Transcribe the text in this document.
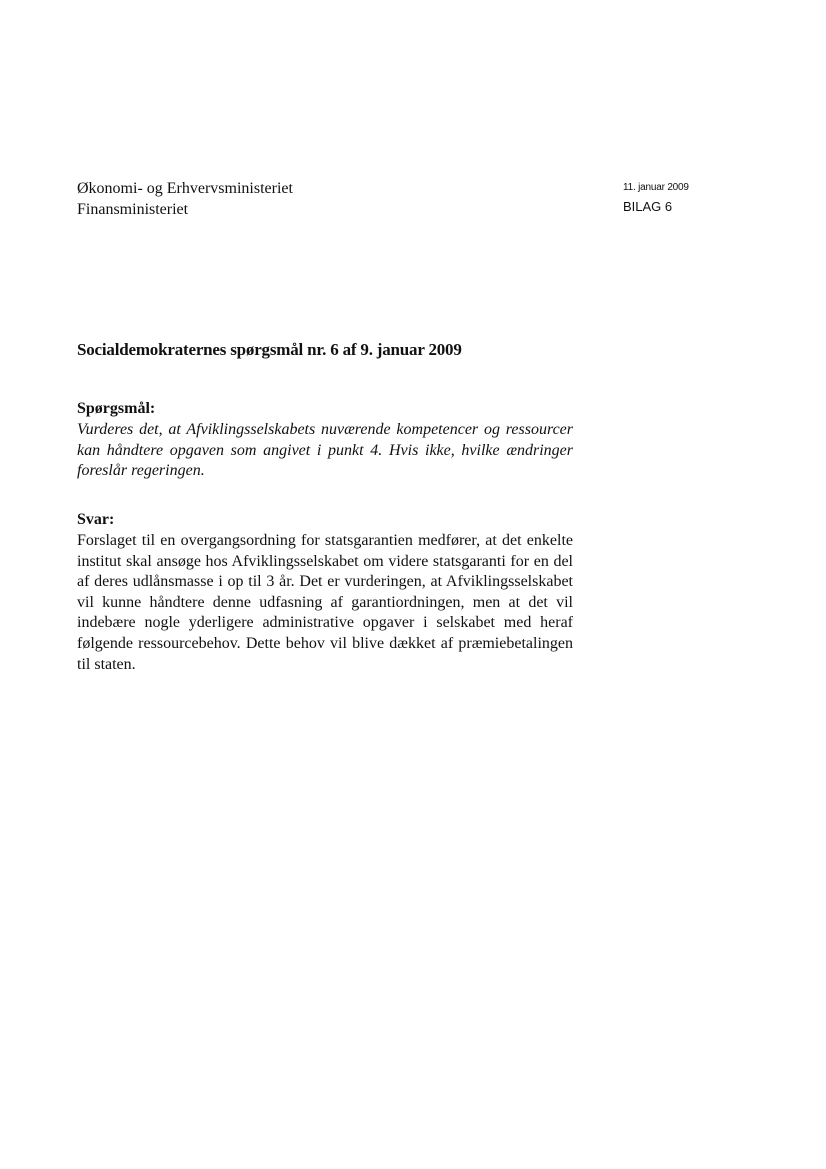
Økonomi- og Erhvervsministeriet
Finansministeriet
11. januar 2009
BILAG 6
Socialdemokraternes spørgsmål nr. 6 af 9. januar 2009
Spørgsmål:

Vurderes det, at Afviklingsselskabets nuværende kompetencer og ressourcer kan håndtere opgaven som angivet i punkt 4. Hvis ikke, hvilke ændringer foreslår regeringen.

Svar:

Forslaget til en overgangsordning for statsgarantien medfører, at det enkelte institut skal ansøge hos Afviklingsselskabet om videre statsgaranti for en del af deres udlånsmasse i op til 3 år. Det er vurderingen, at Afviklingsselskabet vil kunne håndtere denne udfasning af garantiordningen, men at det vil indebære nogle yderligere administrative opgaver i selskabet med heraf følgende ressourcebehov. Dette behov vil blive dækket af præmiebetalingen til staten.
